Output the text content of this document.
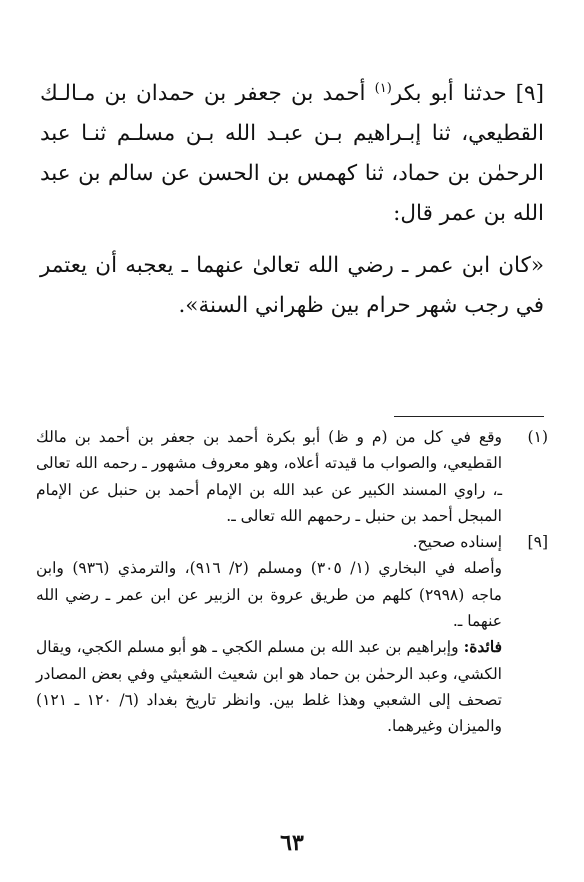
[٩] حدثنا أبو بكر$^{(١)}$ أحمد بن جعفر بن حمدان بن مـالـك القطيعي، ثنا إبـراهيم بـن عبـد الله بـن مسلـم ثنـا عبد الرحمٰن بن حماد، ثنا كهمس بن الحسن عن سالم بن عبد الله بن عمر قال:

«كان ابن عمر ـ رضي الله تعالىٰ عنهما ـ يعجبه أن يعتمر في رجب شهر حرام بين ظهراني السنة».

(١)
وقع في كل من (م و ظ) أبو بكرة أحمد بن جعفر بن أحمد بن مالك القطيعي، والصواب ما قيدته أعلاه، وهو معروف مشهور ـ رحمه الله تعالى ـ، راوي المسند الكبير عن عبد الله بن الإمام أحمد بن حنبل عن الإمام المبجل أحمد بن حنبل ـ رحمهم الله تعالى ـ.
[٩]

إسناده صحيح.

وأصله في البخاري (١/ ٣٠٥) ومسلم (٢/ ٩١٦)، والترمذي (٩٣٦) وابن ماجه (٢٩٩٨) كلهم من طريق عروة بن الزبير عن ابن عمر ـ رضي الله عنهما ـ.

فائدة: وإبراهيم بن عبد الله بن مسلم الكجي ـ هو أبو مسلم الكجي، ويقال الكشي، وعبد الرحمٰن بن حماد هو ابن شعيث الشعيثي وفي بعض المصادر تصحف إلى الشعبي وهذا غلط بين. وانظر تاريخ بغداد (٦/ ١٢٠ ـ ١٢١) والميزان وغيرهما.

٦٣
